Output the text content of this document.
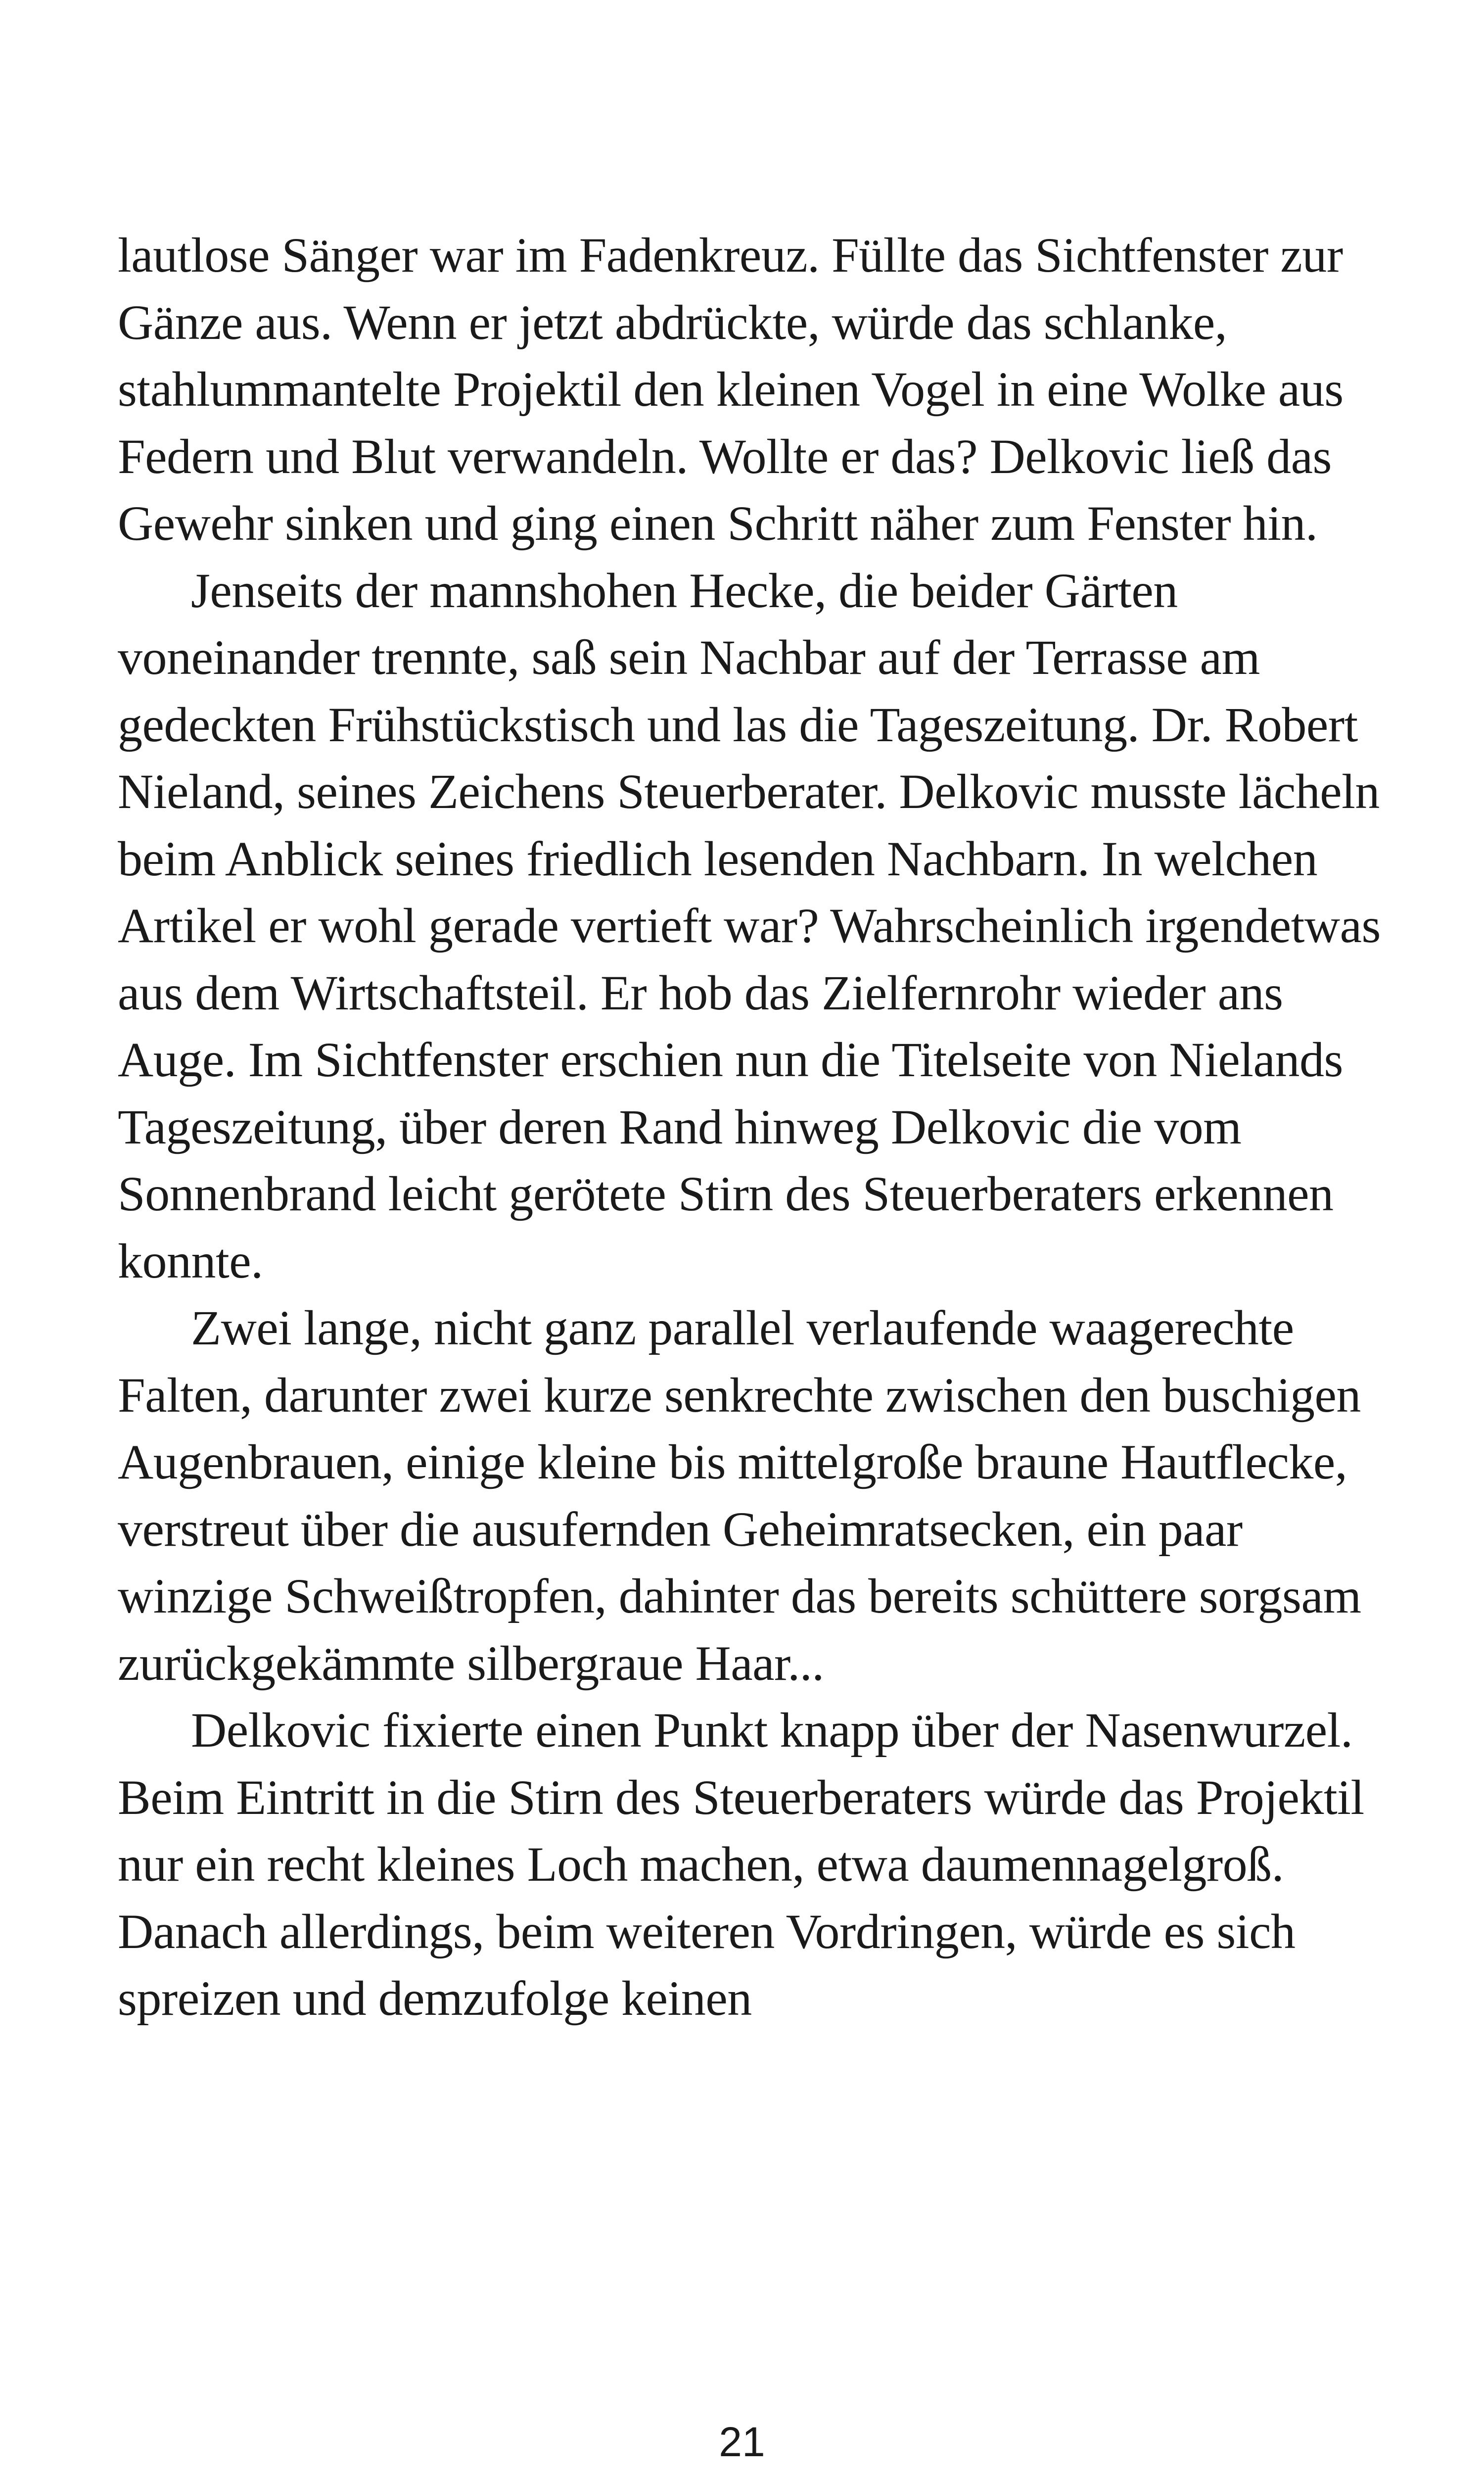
lautlose Sänger war im Fadenkreuz. Füllte das Sichtfenster zur Gänze aus. Wenn er jetzt abdrückte, würde das schlanke, stahlummantelte Projektil den kleinen Vogel in eine Wolke aus Federn und Blut verwandeln. Wollte er das? Delkovic ließ das Gewehr sinken und ging einen Schritt näher zum Fenster hin.

Jenseits der mannshohen Hecke, die beider Gärten voneinander trennte, saß sein Nachbar auf der Terrasse am gedeckten Frühstückstisch und las die Tageszeitung. Dr. Robert Nieland, seines Zeichens Steuerberater. Delkovic musste lächeln beim Anblick seines friedlich lesenden Nachbarn. In welchen Artikel er wohl gerade vertieft war? Wahrscheinlich irgendetwas aus dem Wirtschaftsteil. Er hob das Zielfernrohr wieder ans Auge. Im Sichtfenster erschien nun die Titelseite von Nielands Tageszeitung, über deren Rand hinweg Delkovic die vom Sonnenbrand leicht gerötete Stirn des Steuerberaters erkennen konnte.

Zwei lange, nicht ganz parallel verlaufende waagerechte Falten, darunter zwei kurze senkrechte zwischen den buschigen Augenbrauen, einige kleine bis mittelgroße braune Hautflecke, verstreut über die ausufernden Geheimratsecken, ein paar winzige Schweißtropfen, dahinter das bereits schüttere sorgsam zurückgekämmte silbergraue Haar...

Delkovic fixierte einen Punkt knapp über der Nasenwurzel. Beim Eintritt in die Stirn des Steuerberaters würde das Projektil nur ein recht kleines Loch machen, etwa daumennagelgroß. Danach allerdings, beim weiteren Vordringen, würde es sich spreizen und demzufolge keinen

21
